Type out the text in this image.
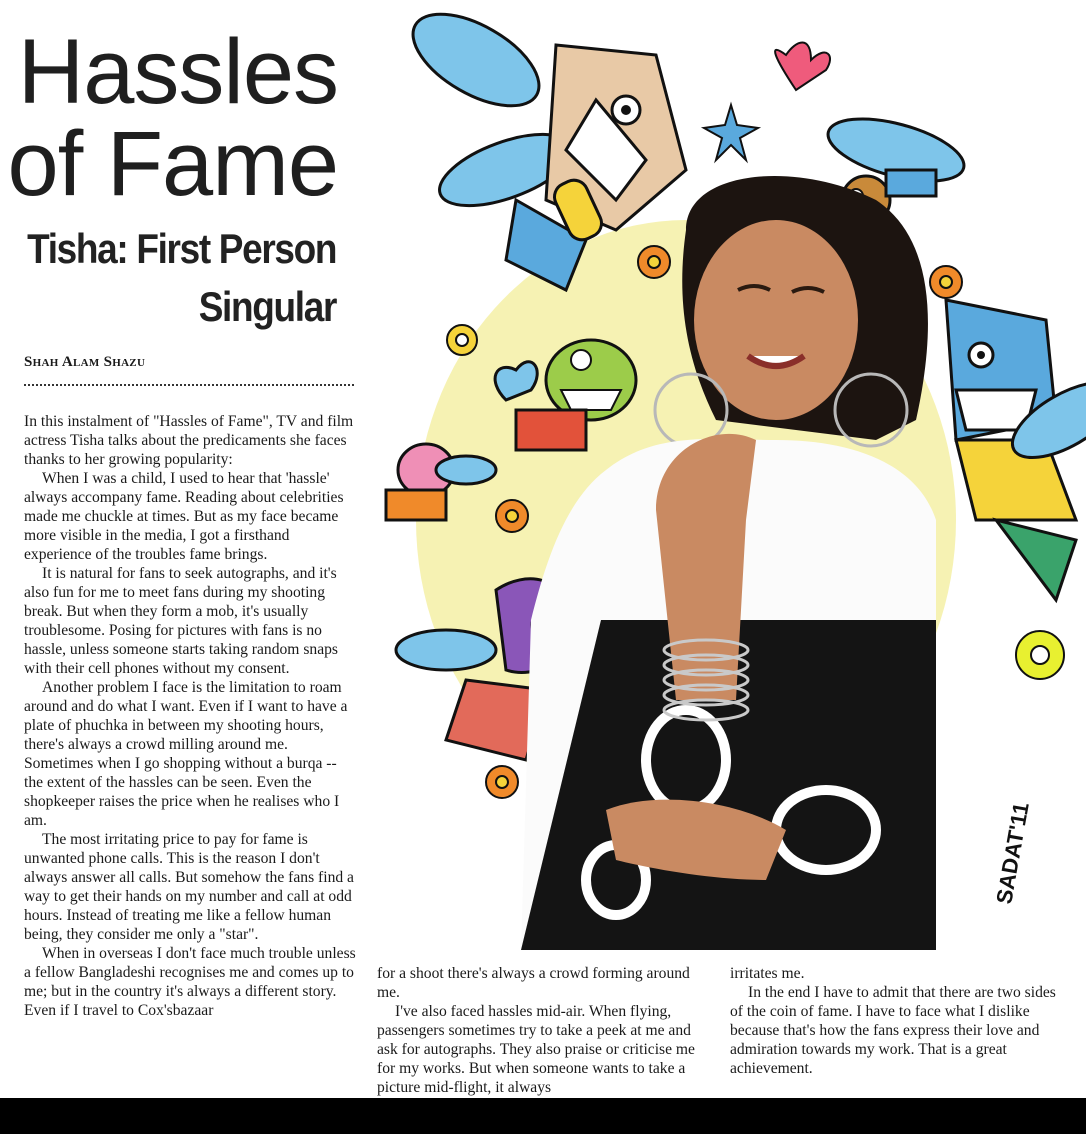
Hassles
of Fame
Tisha: First Person
Singular

Shah Alam Shazu

SADAT'11

In this instalment of "Hassles of Fame", TV and film actress Tisha talks about the predicaments she faces thanks to her growing popularity:

When I was a child, I used to hear that 'hassle' always accompany fame. Reading about celebrities made me chuckle at times. But as my face became more visible in the media, I got a firsthand experience of the troubles fame brings.

It is natural for fans to seek autographs, and it's also fun for me to meet fans during my shooting break. But when they form a mob, it's usually troublesome. Posing for pictures with fans is no hassle, unless someone starts taking random snaps with their cell phones without my consent.

Another problem I face is the limitation to roam around and do what I want. Even if I want to have a plate of phuchka in between my shooting hours, there's always a crowd milling around me. Sometimes when I go shopping without a burqa -- the extent of the hassles can be seen. Even the shopkeeper raises the price when he realises who I am.

The most irritating price to pay for fame is unwanted phone calls. This is the reason I don't always answer all calls. But somehow the fans find a way to get their hands on my number and call at odd hours. Instead of treating me like a fellow human being, they consider me only a "star".

When in overseas I don't face much trouble unless a fellow Bangladeshi recognises me and comes up to me; but in the country it's always a different story. Even if I travel to Cox'sbazaar

for a shoot there's always a crowd forming around me.

I've also faced hassles mid-air. When flying, passengers sometimes try to take a peek at me and ask for autographs. They also praise or criticise me for my works. But when someone wants to take a picture mid-flight, it always

irritates me.

In the end I have to admit that there are two sides of the coin of fame. I have to face what I dislike because that's how the fans express their love and admiration towards my work. That is a great achievement.
